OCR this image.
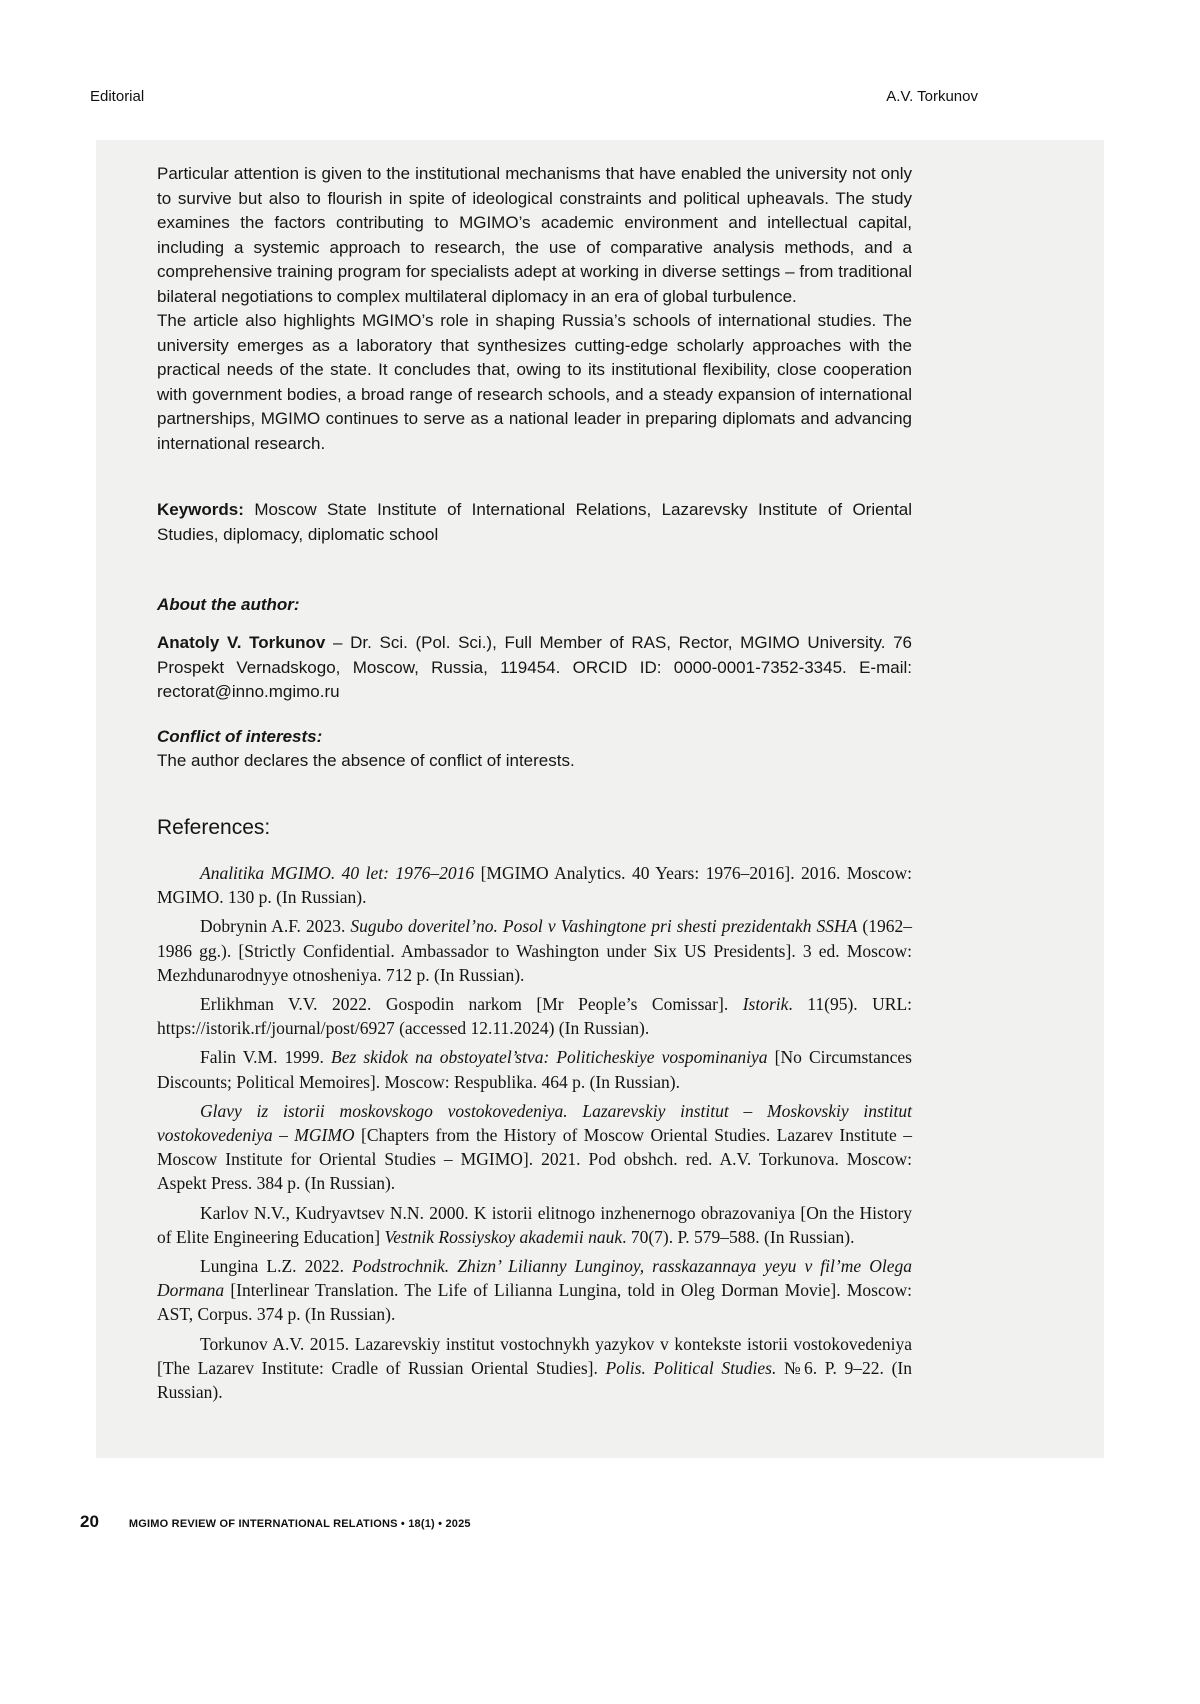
Editorial	A.V. Torkunov

Particular attention is given to the institutional mechanisms that have enabled the university not only to survive but also to flourish in spite of ideological constraints and political upheavals. The study examines the factors contributing to MGIMO’s academic environment and intellectual capital, including a systemic approach to research, the use of comparative analysis methods, and a comprehensive training program for specialists adept at working in diverse settings – from traditional bilateral negotiations to complex multilateral diplomacy in an era of global turbulence.

The article also highlights MGIMO’s role in shaping Russia’s schools of international studies. The university emerges as a laboratory that synthesizes cutting-edge scholarly approaches with the practical needs of the state. It concludes that, owing to its institutional flexibility, close cooperation with government bodies, a broad range of research schools, and a steady expansion of international partnerships, MGIMO continues to serve as a national leader in preparing diplomats and advancing international research.

Keywords: Moscow State Institute of International Relations, Lazarevsky Institute of Oriental Studies, diplomacy, diplomatic school

About the author:

Anatoly V. Torkunov – Dr. Sci. (Pol. Sci.), Full Member of RAS, Rector, MGIMO University. 76 Prospekt Vernadskogo, Moscow, Russia, 119454. ORCID ID: 0000-0001-7352-3345. E-mail: rectorat@inno.mgimo.ru

Conflict of interests:

The author declares the absence of conflict of interests.

References:

Analitika MGIMO. 40 let: 1976–2016 [MGIMO Analytics. 40 Years: 1976–2016]. 2016. Moscow: MGIMO. 130 p. (In Russian).

Dobrynin A.F. 2023. Sugubo doveritel’no. Posol v Vashingtone pri shesti prezidentakh SSHA (1962–1986 gg.). [Strictly Confidential. Ambassador to Washington under Six US Presidents]. 3 ed. Moscow: Mezhdunarodnyye otnosheniya. 712 p. (In Russian).

Erlikhman V.V. 2022. Gospodin narkom [Mr People’s Comissar]. Istorik. 11(95). URL: https://istorik.rf/journal/post/6927 (accessed 12.11.2024) (In Russian).

Falin V.M. 1999. Bez skidok na obstoyatel’stva: Politicheskiye vospominaniya [No Circumstances Discounts; Political Memoires]. Moscow: Respublika. 464 p. (In Russian).

Glavy iz istorii moskovskogo vostokovedeniya. Lazarevskiy institut – Moskovskiy institut vostokovedeniya – MGIMO [Chapters from the History of Moscow Oriental Studies. Lazarev Institute – Moscow Institute for Oriental Studies – MGIMO]. 2021. Pod obshch. red. A.V. Torkunova. Moscow: Aspekt Press. 384 p. (In Russian).

Karlov N.V., Kudryavtsev N.N. 2000. K istorii elitnogo inzhenernogo obrazovaniya [On the History of Elite Engineering Education] Vestnik Rossiyskoy akademii nauk. 70(7). P. 579–588. (In Russian).

Lungina L.Z. 2022. Podstrochnik. Zhizn’ Lilianny Lunginoy, rasskazannaya yeyu v fil’me Olega Dormana [Interlinear Translation. The Life of Lilianna Lungina, told in Oleg Dorman Movie]. Moscow: AST, Corpus. 374 p. (In Russian).

Torkunov A.V. 2015. Lazarevskiy institut vostochnykh yazykov v kontekste istorii vostokovedeniya [The Lazarev Institute: Cradle of Russian Oriental Studies]. Polis. Political Studies. №6. P. 9–22. (In Russian).

20	MGIMO REVIEW OF INTERNATIONAL RELATIONS • 18(1) • 2025
